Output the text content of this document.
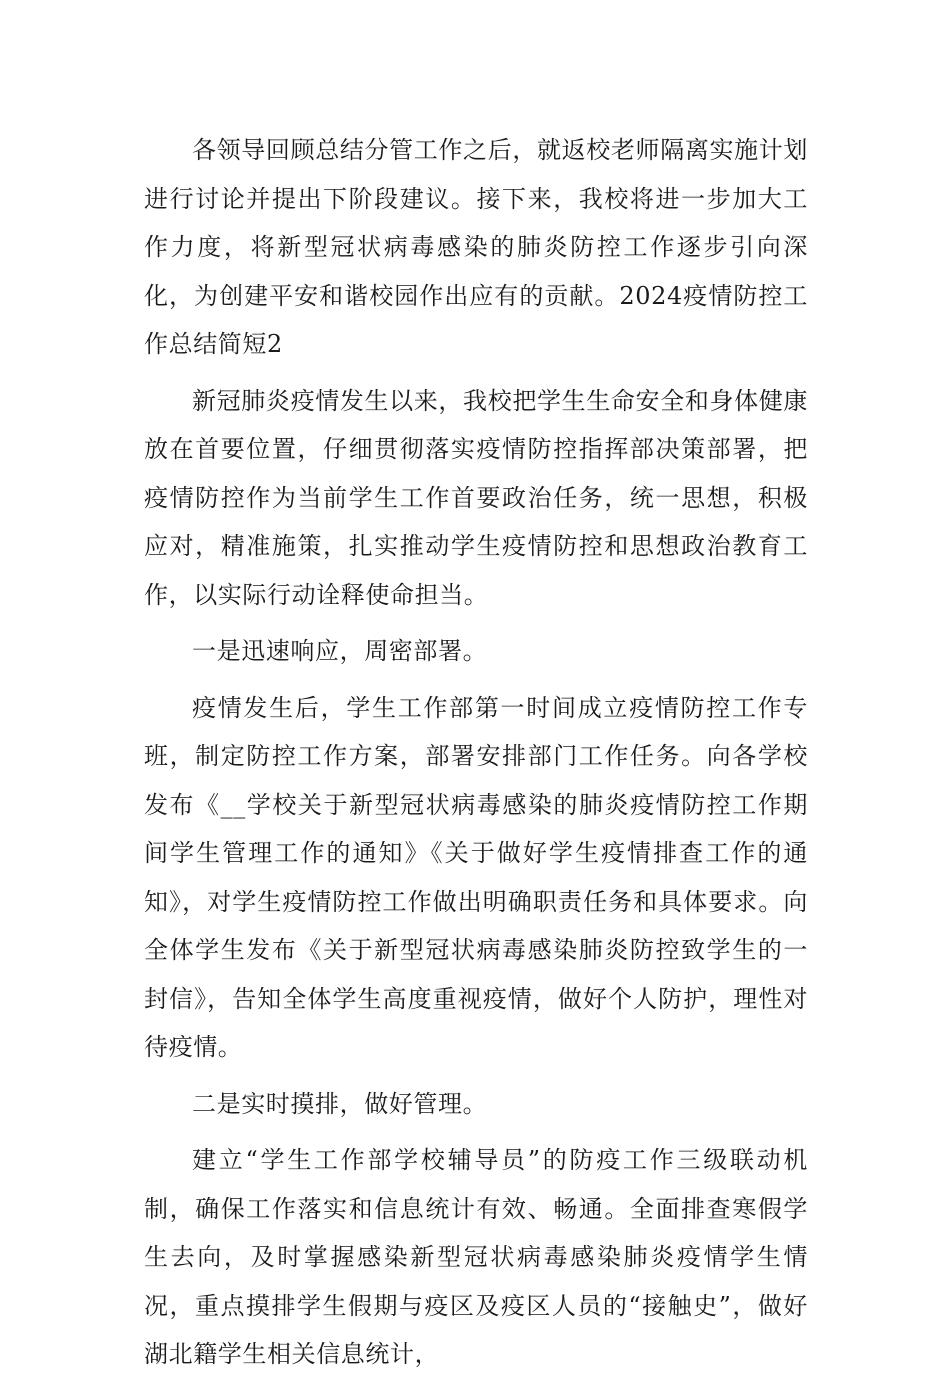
各领导回顾总结分管工作之后，就返校老师隔离实施计划进行讨论并提出下阶段建议。接下来，我校将进一步加大工作力度，将新型冠状病毒感染的肺炎防控工作逐步引向深化，为创建平安和谐校园作出应有的贡献。2024疫情防控工作总结简短2

新冠肺炎疫情发生以来，我校把学生生命安全和身体健康放在首要位置，仔细贯彻落实疫情防控指挥部决策部署，把疫情防控作为当前学生工作首要政治任务，统一思想，积极应对，精准施策，扎实推动学生疫情防控和思想政治教育工作，以实际行动诠释使命担当。

一是迅速响应，周密部署。

疫情发生后，学生工作部第一时间成立疫情防控工作专班，制定防控工作方案，部署安排部门工作任务。向各学校发布《__学校关于新型冠状病毒感染的肺炎疫情防控工作期间学生管理工作的通知》《关于做好学生疫情排查工作的通知》，对学生疫情防控工作做出明确职责任务和具体要求。向全体学生发布《关于新型冠状病毒感染肺炎防控致学生的一封信》，告知全体学生高度重视疫情，做好个人防护，理性对待疫情。

二是实时摸排，做好管理。

建立“学生工作部学校辅导员”的防疫工作三级联动机制，确保工作落实和信息统计有效、畅通。全面排查寒假学生去向，及时掌握感染新型冠状病毒感染肺炎疫情学生情况，重点摸排学生假期与疫区及疫区人员的“接触史”，做好湖北籍学生相关信息统计，
